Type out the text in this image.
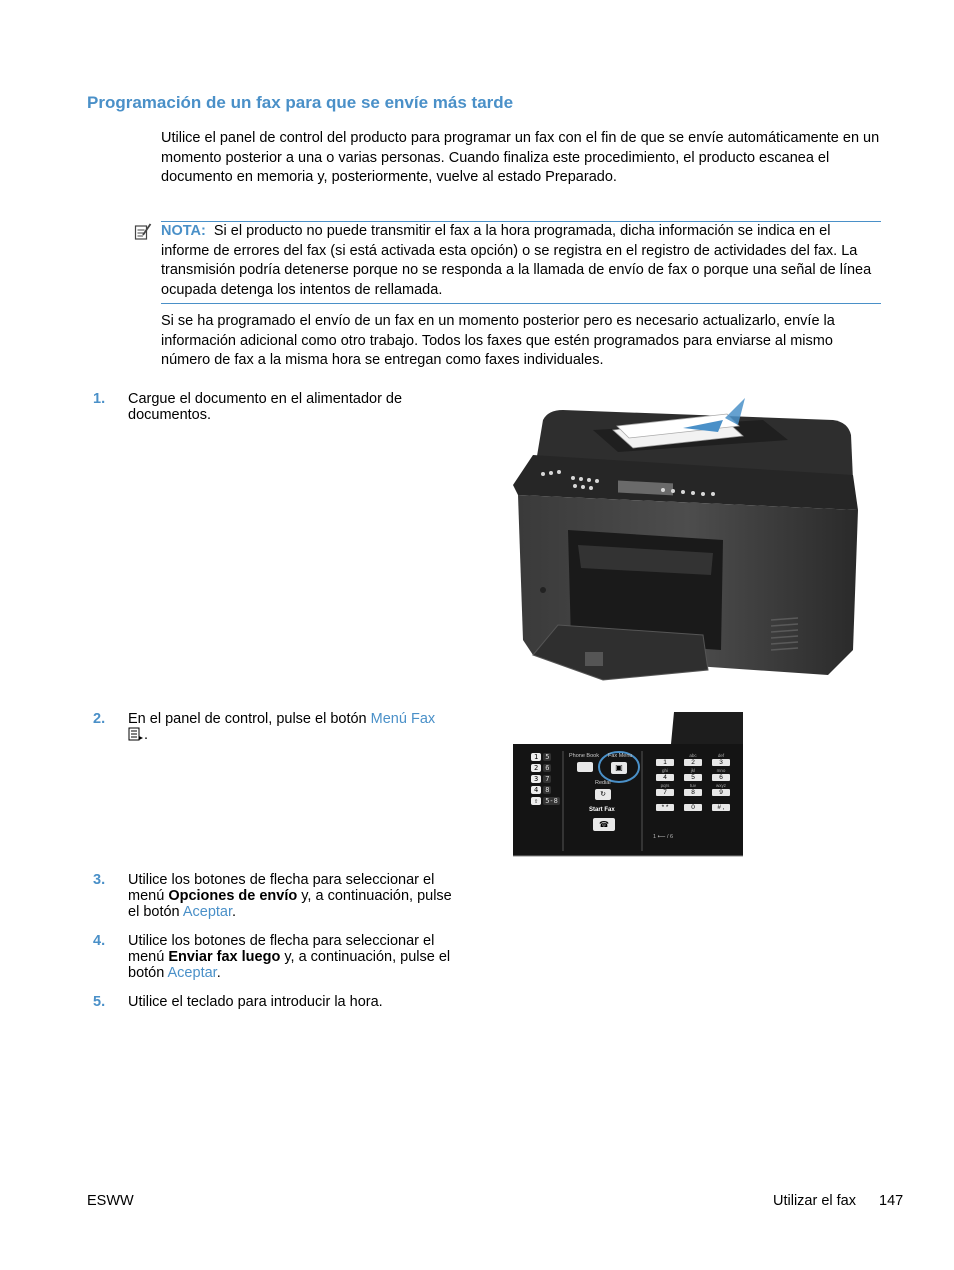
Programación de un fax para que se envíe más tarde
Utilice el panel de control del producto para programar un fax con el fin de que se envíe automáticamente en un momento posterior a una o varias personas. Cuando finaliza este procedimiento, el producto escanea el documento en memoria y, posteriormente, vuelve al estado Preparado.
NOTA: Si el producto no puede transmitir el fax a la hora programada, dicha información se indica en el informe de errores del fax (si está activada esta opción) o se registra en el registro de actividades del fax. La transmisión podría detenerse porque no se responda a la llamada de envío de fax o porque una señal de línea ocupada detenga los intentos de rellamada.
Si se ha programado el envío de un fax en un momento posterior pero es necesario actualizarlo, envíe la información adicional como otro trabajo. Todos los faxes que estén programados para enviarse al mismo número de fax a la misma hora se entregan como faxes individuales.
1. Cargue el documento en el alimentador de documentos.
2. En el panel de control, pulse el botón Menú Fax .
3. Utilice los botones de flecha para seleccionar el menú Opciones de envío y, a continuación, pulse el botón Aceptar.
4. Utilice los botones de flecha para seleccionar el menú Enviar fax luego y, a continuación, pulse el botón Aceptar.
5. Utilice el teclado para introducir la hora.
1	5
2	6
3	7
4	8
⇧	5-8
Phone Book Fax Menu
▣
Redial
↻
Start Fax
☎
1
abc
2
def
3
ghi
4
jkl
5
mno
6
pqrs
7
tuv
8
wxyz
9
* *	0	# ,
1 ⟵ / 6
ESWW	Utilizar el fax 147
